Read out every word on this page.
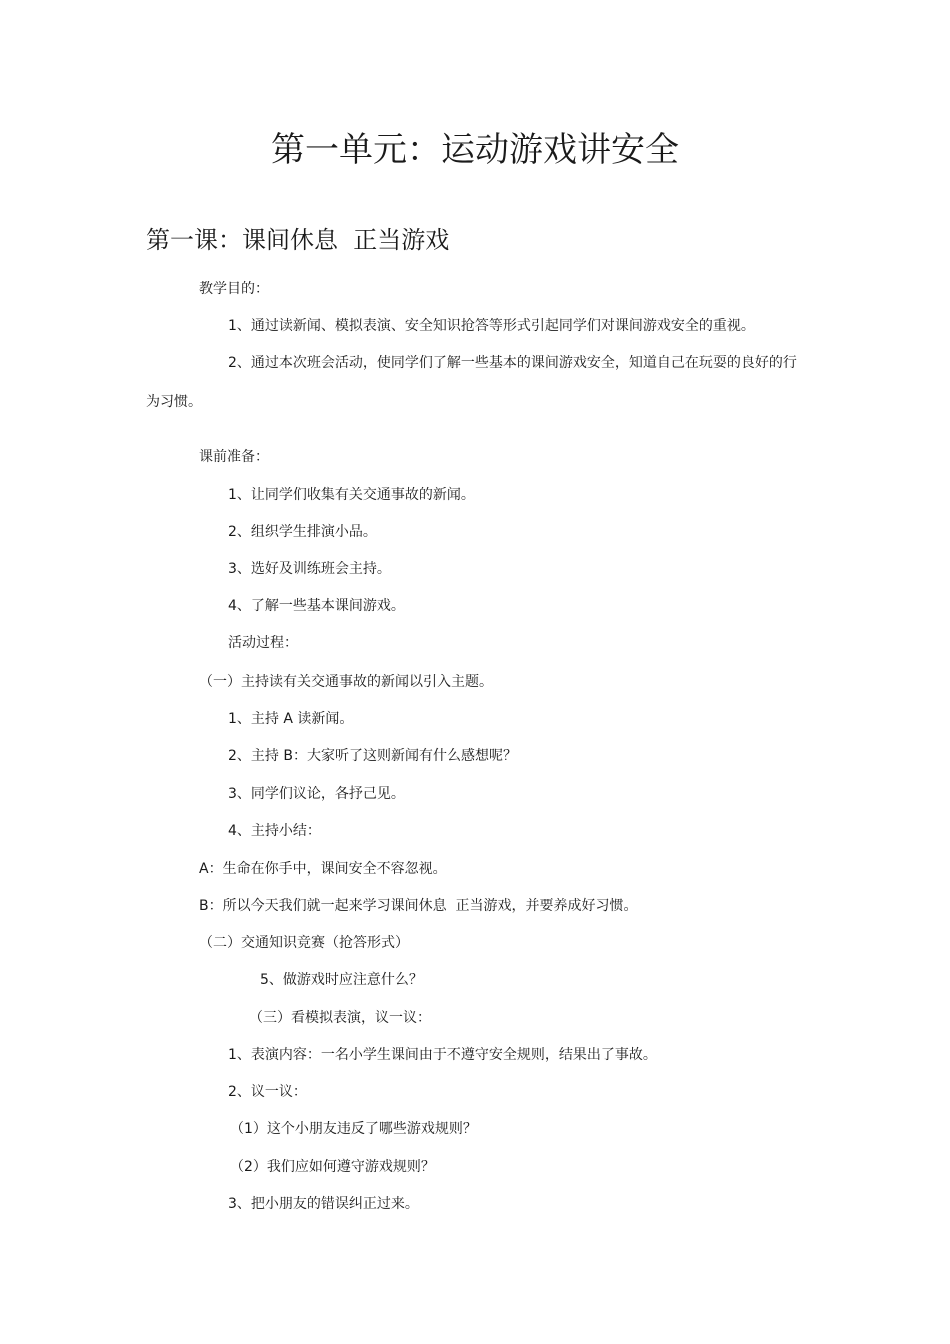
第一单元：运动游戏讲安全
第一课：课间休息  正当游戏
教学目的：
1、通过读新闻、模拟表演、安全知识抢答等形式引起同学们对课间游戏安全的重视。
2、通过本次班会活动，使同学们了解一些基本的课间游戏安全，知道自己在玩耍的良好的行
为习惯。
课前准备：
1、让同学们收集有关交通事故的新闻。
2、组织学生排演小品。
3、选好及训练班会主持。
4、了解一些基本课间游戏。
活动过程：
（一）主持读有关交通事故的新闻以引入主题。
1、主持 A 读新闻。
2、主持 B：大家听了这则新闻有什么感想呢？
3、同学们议论，各抒己见。
4、主持小结：
A：生命在你手中，课间安全不容忽视。
B：所以今天我们就一起来学习课间休息  正当游戏，并要养成好习惯。
（二）交通知识竞赛（抢答形式）
5、做游戏时应注意什么？
（三）看模拟表演，议一议：
1、表演内容：一名小学生课间由于不遵守安全规则，结果出了事故。
2、议一议：
（1）这个小朋友违反了哪些游戏规则？
（2）我们应如何遵守游戏规则？
3、把小朋友的错误纠正过来。
